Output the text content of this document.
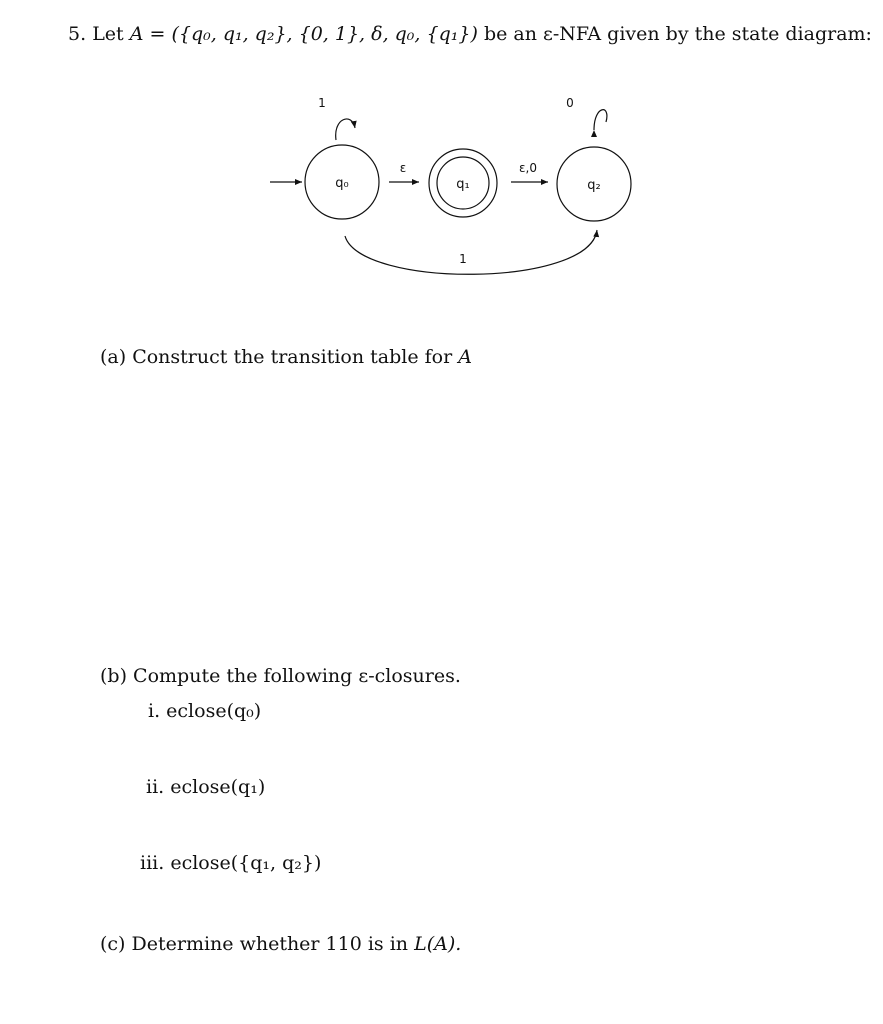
5. Let A = ({q₀, q₁, q₂}, {0, 1}, δ, q₀, {q₁}) be an ε-NFA given by the state diagram:
q₀	q₁	q₂
1
ε	ε,0
0
1
(a) Construct the transition table for A
(b) Compute the following ε-closures.
i. eclose(q₀)
ii. eclose(q₁)
iii. eclose({q₁, q₂})
(c) Determine whether 110 is in L(A).
